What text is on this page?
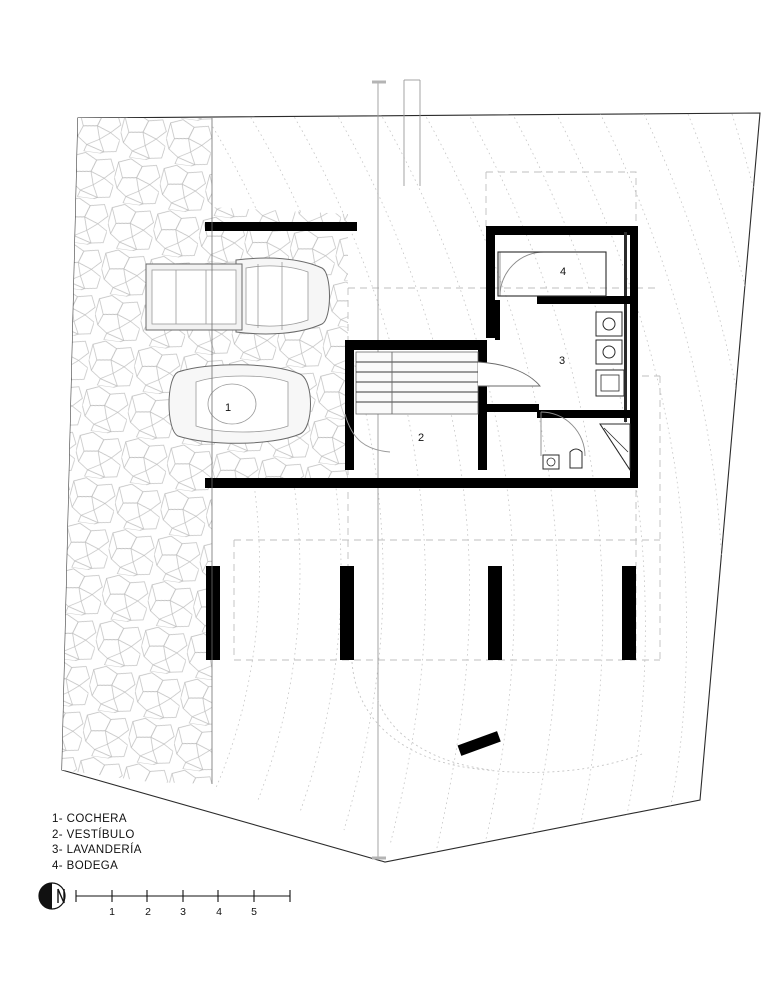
1
2
3
4
1- COCHERA
2- VESTÍBULO
3- LAVANDERÍA
4- BODEGA
1	2	3	4	5
